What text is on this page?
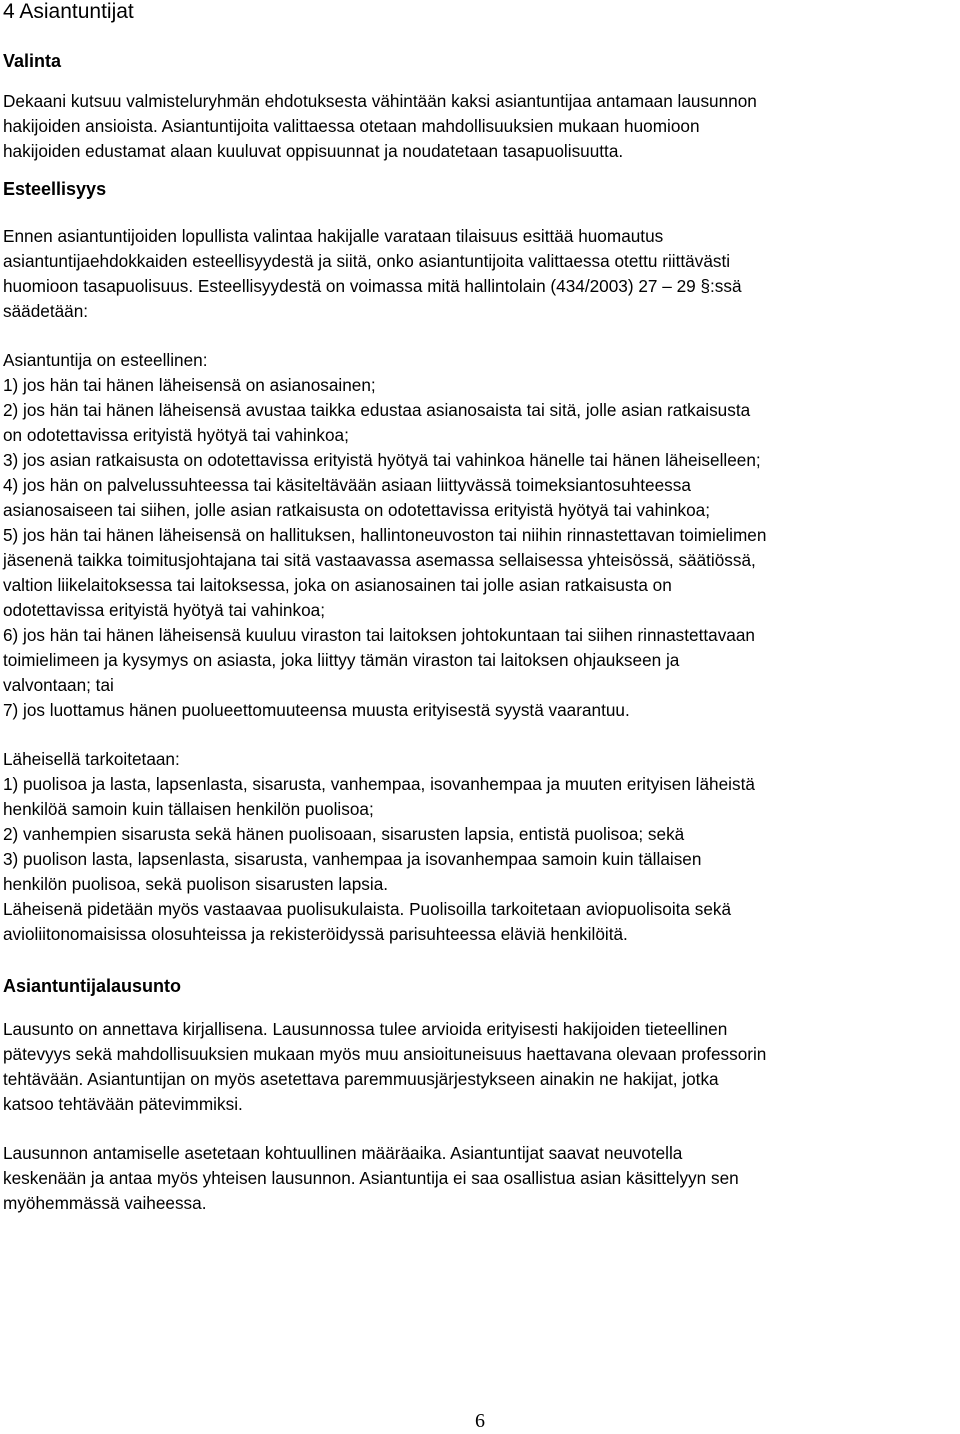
4 Asiantuntijat
Valinta

Dekaani kutsuu valmisteluryhmän ehdotuksesta vähintään kaksi asiantuntijaa antamaan lausunnon
hakijoiden ansioista. Asiantuntijoita valittaessa otetaan mahdollisuuksien mukaan huomioon
hakijoiden edustamat alaan kuuluvat oppisuunnat ja noudatetaan tasapuolisuutta.

Esteellisyys

Ennen asiantuntijoiden lopullista valintaa hakijalle varataan tilaisuus esittää huomautus
asiantuntijaehdokkaiden esteellisyydestä ja siitä, onko asiantuntijoita valittaessa otettu riittävästi
huomioon tasapuolisuus. Esteellisyydestä on voimassa mitä hallintolain (434/2003) 27 – 29 §:ssä
säädetään:

Asiantuntija on esteellinen:
1) jos hän tai hänen läheisensä on asianosainen;
2) jos hän tai hänen läheisensä avustaa taikka edustaa asianosaista tai sitä, jolle asian ratkaisusta
on odotettavissa erityistä hyötyä tai vahinkoa;
3) jos asian ratkaisusta on odotettavissa erityistä hyötyä tai vahinkoa hänelle tai hänen läheiselleen;
4) jos hän on palvelussuhteessa tai käsiteltävään asiaan liittyvässä toimeksiantosuhteessa
asianosaiseen tai siihen, jolle asian ratkaisusta on odotettavissa erityistä hyötyä tai vahinkoa;
5) jos hän tai hänen läheisensä on hallituksen, hallintoneuvoston tai niihin rinnastettavan toimielimen
jäsenenä taikka toimitusjohtajana tai sitä vastaavassa asemassa sellaisessa yhteisössä, säätiössä,
valtion liikelaitoksessa tai laitoksessa, joka on asianosainen tai jolle asian ratkaisusta on
odotettavissa erityistä hyötyä tai vahinkoa;
6) jos hän tai hänen läheisensä kuuluu viraston tai laitoksen johtokuntaan tai siihen rinnastettavaan
toimielimeen ja kysymys on asiasta, joka liittyy tämän viraston tai laitoksen ohjaukseen ja
valvontaan; tai
7) jos luottamus hänen puolueettomuuteensa muusta erityisestä syystä vaarantuu.

Läheisellä tarkoitetaan:
1) puolisoa ja lasta, lapsenlasta, sisarusta, vanhempaa, isovanhempaa ja muuten erityisen läheistä
henkilöä samoin kuin tällaisen henkilön puolisoa;
2) vanhempien sisarusta sekä hänen puolisoaan, sisarusten lapsia, entistä puolisoa; sekä
3) puolison lasta, lapsenlasta, sisarusta, vanhempaa ja isovanhempaa samoin kuin tällaisen
henkilön puolisoa, sekä puolison sisarusten lapsia.
Läheisenä pidetään myös vastaavaa puolisukulaista. Puolisoilla tarkoitetaan aviopuolisoita sekä
avioliitonomaisissa olosuhteissa ja rekisteröidyssä parisuhteessa eläviä henkilöitä.

Asiantuntijalausunto

Lausunto on annettava kirjallisena. Lausunnossa tulee arvioida erityisesti hakijoiden tieteellinen
pätevyys sekä mahdollisuuksien mukaan myös muu ansioituneisuus haettavana olevaan professorin
tehtävään. Asiantuntijan on myös asetettava paremmuusjärjestykseen ainakin ne hakijat, jotka
katsoo tehtävään pätevimmiksi.

Lausunnon antamiselle asetetaan kohtuullinen määräaika. Asiantuntijat saavat neuvotella
keskenään ja antaa myös yhteisen lausunnon. Asiantuntija ei saa osallistua asian käsittelyyn sen
myöhemmässä vaiheessa.

6
